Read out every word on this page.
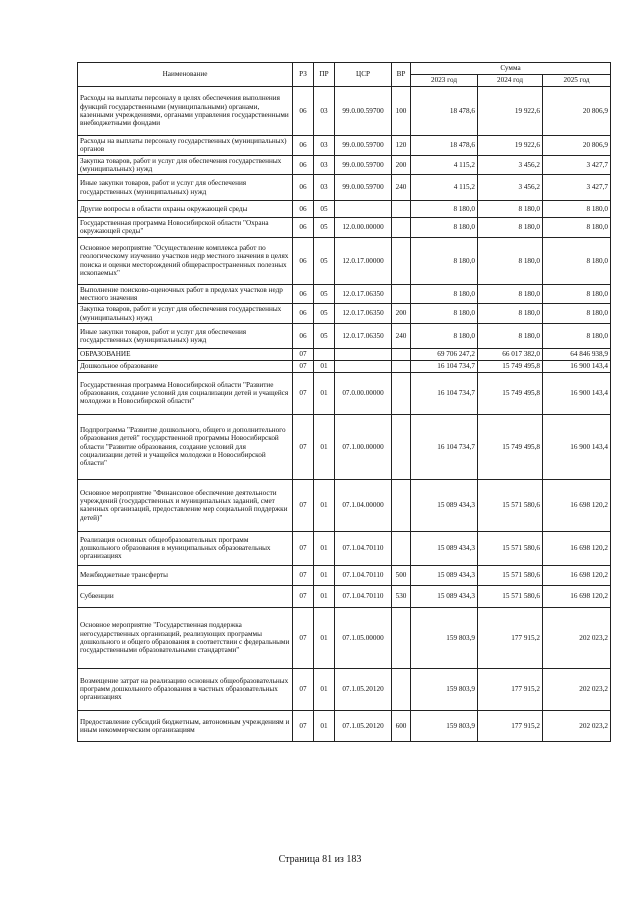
Наименование	РЗ	ПР	ЦСР	ВР	Сумма		
					2023 год	2024 год	2025 год
Расходы на выплаты персоналу в целях обеспечения выполнения функций государственными (муниципальными) органами, казенными учреждениями, органами управления государственными внебюджетными фондами	06	03	99.0.00.59700	100	18 478,6	19 922,6	20 806,9
Расходы на выплаты персоналу государственных (муниципальных) органов	06	03	99.0.00.59700	120	18 478,6	19 922,6	20 806,9
Закупка товаров, работ и услуг для обеспечения государственных (муниципальных) нужд	06	03	99.0.00.59700	200	4 115,2	3 456,2	3 427,7
Иные закупки товаров, работ и услуг для обеспечения государственных (муниципальных) нужд	06	03	99.0.00.59700	240	4 115,2	3 456,2	3 427,7
Другие вопросы в области охраны окружающей среды	06	05			8 180,0	8 180,0	8 180,0
Государственная программа Новосибирской области "Охрана окружающей среды"	06	05	12.0.00.00000		8 180,0	8 180,0	8 180,0
Основное мероприятие "Осуществление комплекса работ по геологическому изучению участков недр местного значения в целях поиска и оценки месторождений общераспространенных полезных ископаемых"	06	05	12.0.17.00000		8 180,0	8 180,0	8 180,0
Выполнение поисково-оценочных работ в пределах участков недр местного значения	06	05	12.0.17.06350		8 180,0	8 180,0	8 180,0
Закупка товаров, работ и услуг для обеспечения государственных (муниципальных) нужд	06	05	12.0.17.06350	200	8 180,0	8 180,0	8 180,0
Иные закупки товаров, работ и услуг для обеспечения государственных (муниципальных) нужд	06	05	12.0.17.06350	240	8 180,0	8 180,0	8 180,0
ОБРАЗОВАНИЕ	07				69 706 247,2	66 017 382,0	64 846 938,9
Дошкольное образование	07	01			16 104 734,7	15 749 495,8	16 900 143,4
Государственная программа Новосибирской области "Развитие образования, создание условий для социализации детей и учащейся молодежи в Новосибирской области"	07	01	07.0.00.00000		16 104 734,7	15 749 495,8	16 900 143,4
Подпрограмма "Развитие дошкольного, общего и дополнительного образования детей" государственной программы Новосибирской области "Развитие образования, создание условий для социализации детей и учащейся молодежи в Новосибирской области"	07	01	07.1.00.00000		16 104 734,7	15 749 495,8	16 900 143,4
Основное мероприятие "Финансовое обеспечение деятельности учреждений (государственных и муниципальных заданий, смет казенных организаций, предоставление мер социальной поддержки детей)"	07	01	07.1.04.00000		15 089 434,3	15 571 580,6	16 698 120,2
Реализация основных общеобразовательных программ дошкольного образования в муниципальных образовательных организациях	07	01	07.1.04.70110		15 089 434,3	15 571 580,6	16 698 120,2
Межбюджетные трансферты	07	01	07.1.04.70110	500	15 089 434,3	15 571 580,6	16 698 120,2
Субвенции	07	01	07.1.04.70110	530	15 089 434,3	15 571 580,6	16 698 120,2
Основное мероприятие "Государственная поддержка негосударственных организаций, реализующих программы дошкольного и общего образования в соответствии с федеральными государственными образовательными стандартами"	07	01	07.1.05.00000		159 803,9	177 915,2	202 023,2
Возмещение затрат на реализацию основных общеобразовательных программ дошкольного образования в частных образовательных организациях	07	01	07.1.05.20120		159 803,9	177 915,2	202 023,2
Предоставление субсидий бюджетным, автономным учреждениям и иным некоммерческим организациям	07	01	07.1.05.20120	600	159 803,9	177 915,2	202 023,2
Страница 81 из 183
